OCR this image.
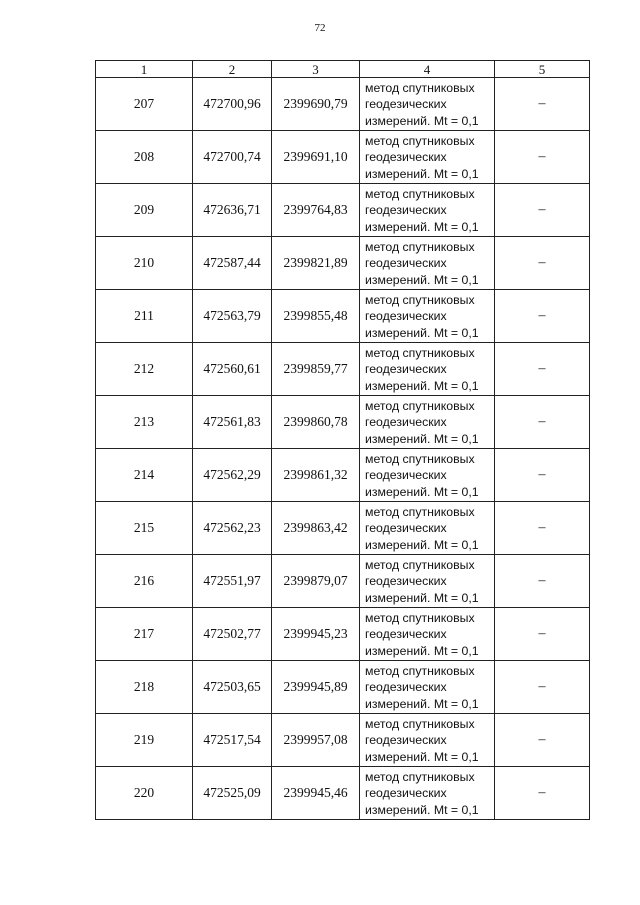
72
1	2	3	4	5
207	472700,96	2399690,79	метод спутниковых
геодезических
измерений. Mt = 0,1	–
208	472700,74	2399691,10	метод спутниковых
геодезических
измерений. Mt = 0,1	–
209	472636,71	2399764,83	метод спутниковых
геодезических
измерений. Mt = 0,1	–
210	472587,44	2399821,89	метод спутниковых
геодезических
измерений. Mt = 0,1	–
211	472563,79	2399855,48	метод спутниковых
геодезических
измерений. Mt = 0,1	–
212	472560,61	2399859,77	метод спутниковых
геодезических
измерений. Mt = 0,1	–
213	472561,83	2399860,78	метод спутниковых
геодезических
измерений. Mt = 0,1	–
214	472562,29	2399861,32	метод спутниковых
геодезических
измерений. Mt = 0,1	–
215	472562,23	2399863,42	метод спутниковых
геодезических
измерений. Mt = 0,1	–
216	472551,97	2399879,07	метод спутниковых
геодезических
измерений. Mt = 0,1	–
217	472502,77	2399945,23	метод спутниковых
геодезических
измерений. Mt = 0,1	–
218	472503,65	2399945,89	метод спутниковых
геодезических
измерений. Mt = 0,1	–
219	472517,54	2399957,08	метод спутниковых
геодезических
измерений. Mt = 0,1	–
220	472525,09	2399945,46	метод спутниковых
геодезических
измерений. Mt = 0,1	–
